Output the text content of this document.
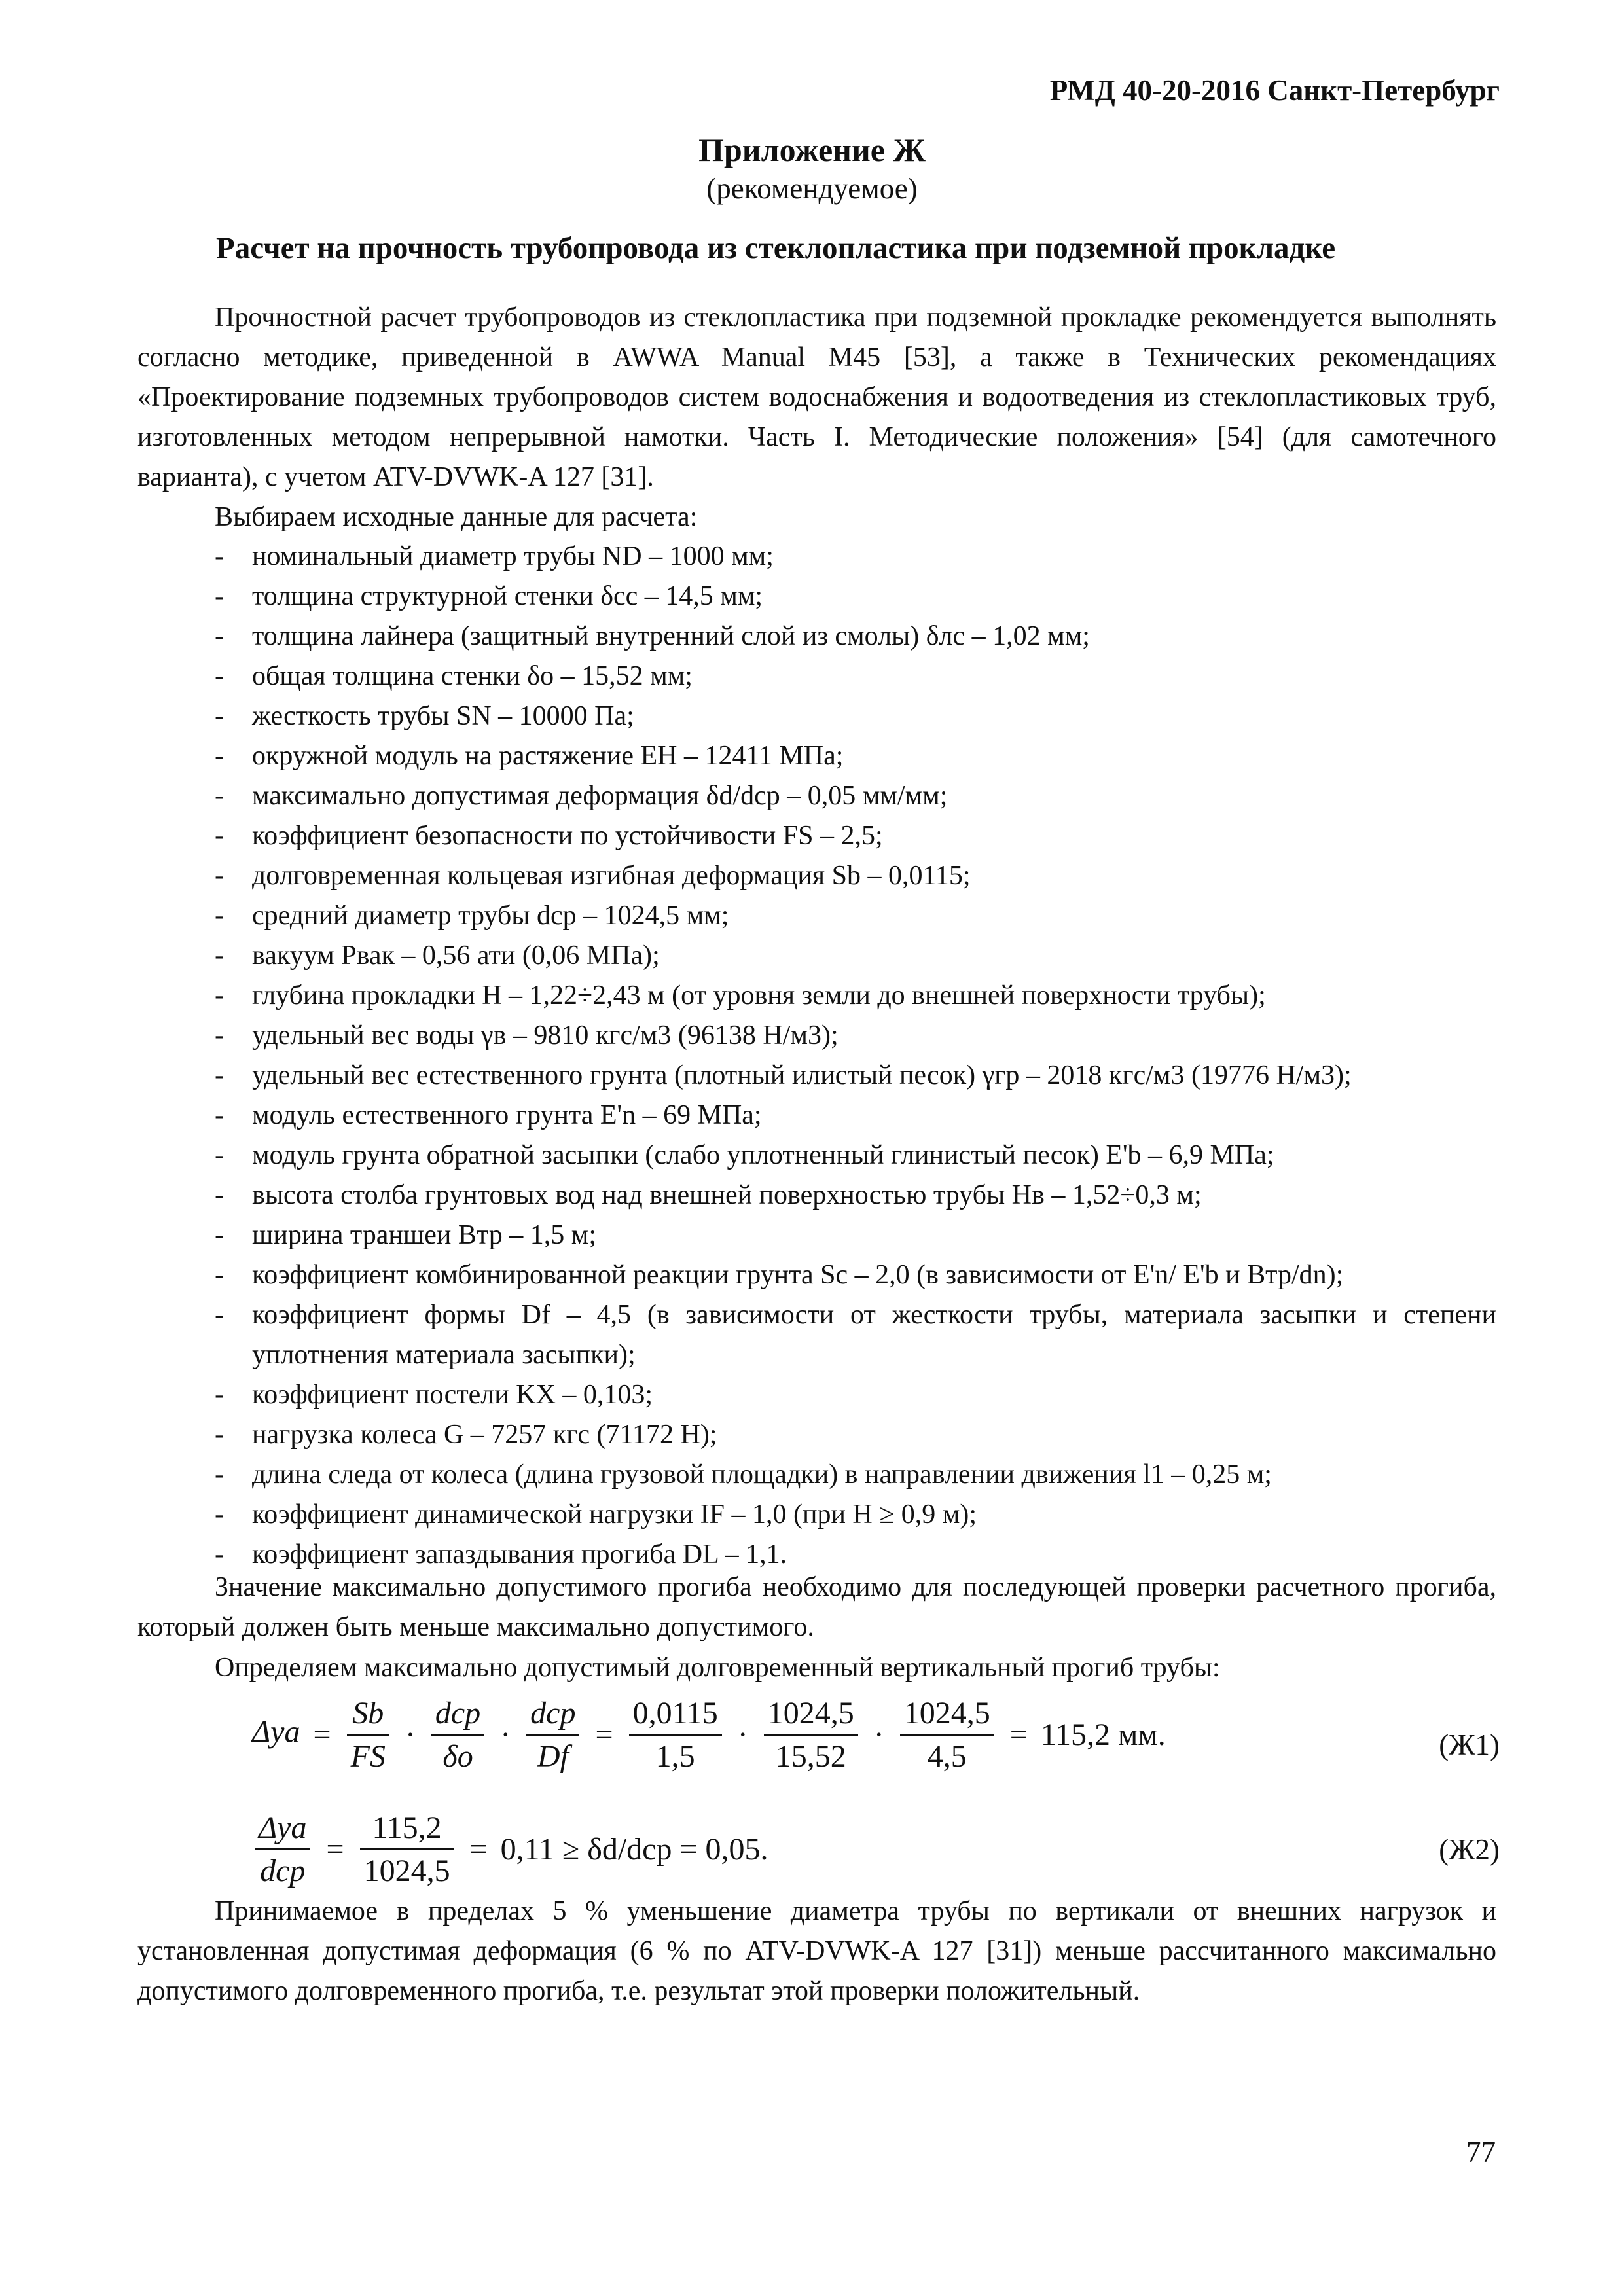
РМД 40-20-2016 Санкт-Петербург
Приложение Ж
(рекомендуемое)
Расчет на прочность трубопровода из стеклопластика при подземной прокладке

Прочностной расчет трубопроводов из стеклопластика при подземной прокладке рекомендуется выполнять согласно методике, приведенной в AWWA Manual M45 [53], а также в Технических рекомендациях «Проектирование подземных трубопроводов систем водоснабжения и водоотведения из стеклопластиковых труб, изготовленных методом непрерывной намотки. Часть I. Методические положения» [54] (для самотечного варианта), с учетом ATV-DVWK-A 127 [31].

Выбираем исходные данные для расчета:

- номинальный диаметр трубы ND – 1000 мм;
- толщина структурной стенки δсс – 14,5 мм;
- толщина лайнера (защитный внутренний слой из смолы) δлс – 1,02 мм;
- общая толщина стенки δо – 15,52 мм;
- жесткость трубы SN – 10000 Па;
- окружной модуль на растяжение EH – 12411 МПа;
- максимально допустимая деформация δd/dср – 0,05 мм/мм;
- коэффициент безопасности по устойчивости FS – 2,5;
- долговременная кольцевая изгибная деформация Sb – 0,0115;
- средний диаметр трубы dср – 1024,5 мм;
- вакуум Рвак – 0,56 ати (0,06 МПа);
- глубина прокладки Н – 1,22÷2,43 м (от уровня земли до внешней поверхности трубы);
- удельный вес воды γв – 9810 кгс/м3 (96138 Н/м3);
- удельный вес естественного грунта (плотный илистый песок) γгр – 2018 кгс/м3 (19776 Н/м3);
- модуль естественного грунта E'n – 69 МПа;
- модуль грунта обратной засыпки (слабо уплотненный глинистый песок) E'b – 6,9 МПа;
- высота столба грунтовых вод над внешней поверхностью трубы Нв – 1,52÷0,3 м;
- ширина траншеи Втр – 1,5 м;
- коэффициент комбинированной реакции грунта Sc – 2,0 (в зависимости от E'n/ E'b и Втр/dn);
- коэффициент формы Df – 4,5 (в зависимости от жесткости трубы, материала засыпки и степени уплотнения материала засыпки);
- коэффициент постели KX – 0,103;
- нагрузка колеса G – 7257 кгс (71172 Н);
- длина следа от колеса (длина грузовой площадки) в направлении движения l1 – 0,25 м;
- коэффициент динамической нагрузки IF – 1,0 (при Н ≥ 0,9 м);
- коэффициент запаздывания прогиба DL – 1,1.

Значение максимально допустимого прогиба необходимо для последующей проверки расчетного прогиба, который должен быть меньше максимально допустимого.

Определяем максимально допустимый долговременный вертикальный прогиб трубы:

$\Delta ya = \frac{Sb}{FS}$ ·
dср
δo
·
dср
Df
= $\frac{0,0115}{1,5} \cdot \frac{1024,5}{15,52} \cdot \frac{1024,5}{4,5} = 115,2$ мм.	(Ж1)
Δya
dср
= $\frac{115,2}{1024,5} = 0,11 \ge \delta d/dср = 0,05$.	(Ж2)

Принимаемое в пределах 5 % уменьшение диаметра трубы по вертикали от внешних нагрузок и установленная допустимая деформация (6 % по ATV-DVWK-A 127 [31]) меньше рассчитанного максимально допустимого долговременного прогиба, т.е. результат этой проверки положительный.

77
